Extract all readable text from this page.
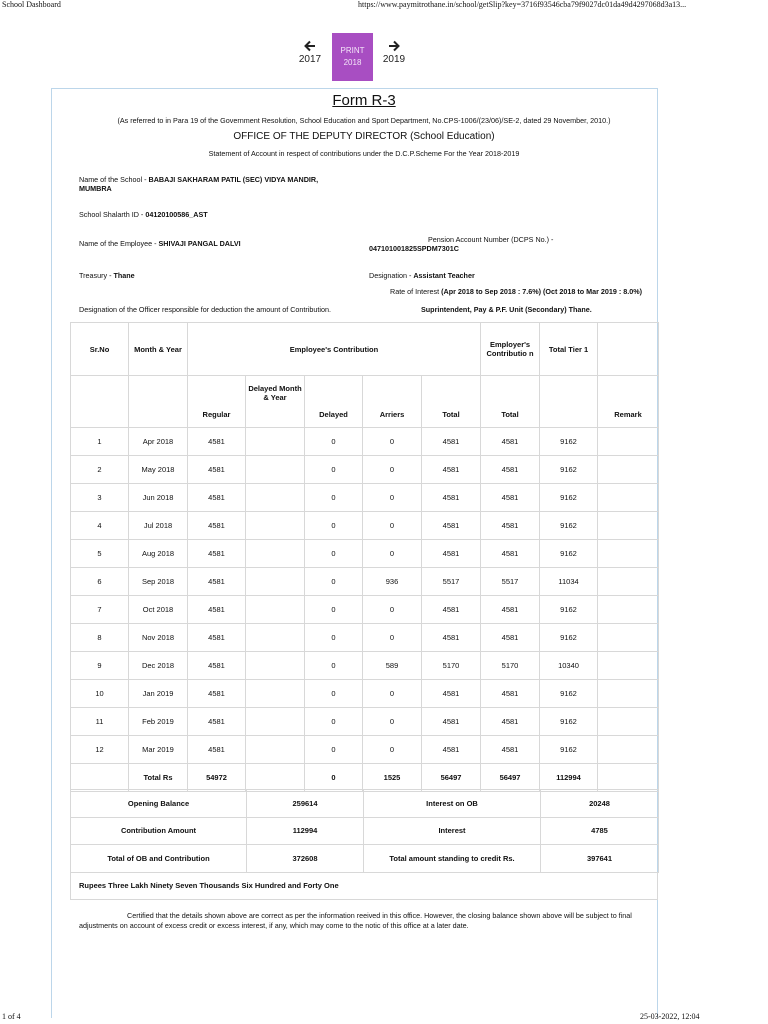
School Dashboard	https://www.paymitrothane.in/school/getSlip?key=3716f93546cba79f9027dc01da49d4297068d3a13...
2017
PRINT
2018	2019
Form R-3
(As referred to in Para 19 of the Government Resolution, School Education and Sport Department, No.CPS-1006/(23/06)/SE-2, dated 29 November, 2010.)
OFFICE OF THE DEPUTY DIRECTOR (School Education)
Statement of Account in respect of contributions under the D.C.P.Scheme For the Year 2018-2019
Name of the School - BABAJI SAKHARAM PATIL (SEC) VIDYA MANDIR,
MUMBRA
School Shalarth ID - 04120100586_AST
Name of the Employee - SHIVAJI PANGAL DALVI	Pension Account Number (DCPS No.) -
047101001825SPDM7301C
Treasury - Thane	Designation - Assistant Teacher
Rate of Interest (Apr 2018 to Sep 2018 : 7.6%) (Oct 2018 to Mar 2019 : 8.0%)
Designation of the Officer responsible for deduction the amount of Contribution.	Suprintendent, Pay & P.F. Unit (Secondary) Thane.
Sr.No	Month & Year	Employee's Contribution					Employer's Contributio n	Total Tier 1	
		Regular	Delayed Month & Year	Delayed	Arriers	Total	Total		Remark
1	Apr 2018	4581		0	0	4581	4581	9162	
2	May 2018	4581		0	0	4581	4581	9162	
3	Jun 2018	4581		0	0	4581	4581	9162	
4	Jul 2018	4581		0	0	4581	4581	9162	
5	Aug 2018	4581		0	0	4581	4581	9162	
6	Sep 2018	4581		0	936	5517	5517	11034	
7	Oct 2018	4581		0	0	4581	4581	9162	
8	Nov 2018	4581		0	0	4581	4581	9162	
9	Dec 2018	4581		0	589	5170	5170	10340	
10	Jan 2019	4581		0	0	4581	4581	9162	
11	Feb 2019	4581		0	0	4581	4581	9162	
12	Mar 2019	4581		0	0	4581	4581	9162	
	Total Rs	54972		0	1525	56497	56497	112994	
Opening Balance	259614	Interest on OB	20248
Contribution Amount	112994	Interest	4785
Total of OB and Contribution	372608	Total amount standing to credit Rs.	397641
Rupees Three Lakh Ninety Seven Thousands Six Hundred and Forty One
Certified that the details shown above are correct as per the information reeived in this office. However, the closing balance shown above will be subject to final adjustments on account of excess credit or excess interest, if any, which may come to the notic of this office at a later date.
1 of 4	25-03-2022, 12:04
